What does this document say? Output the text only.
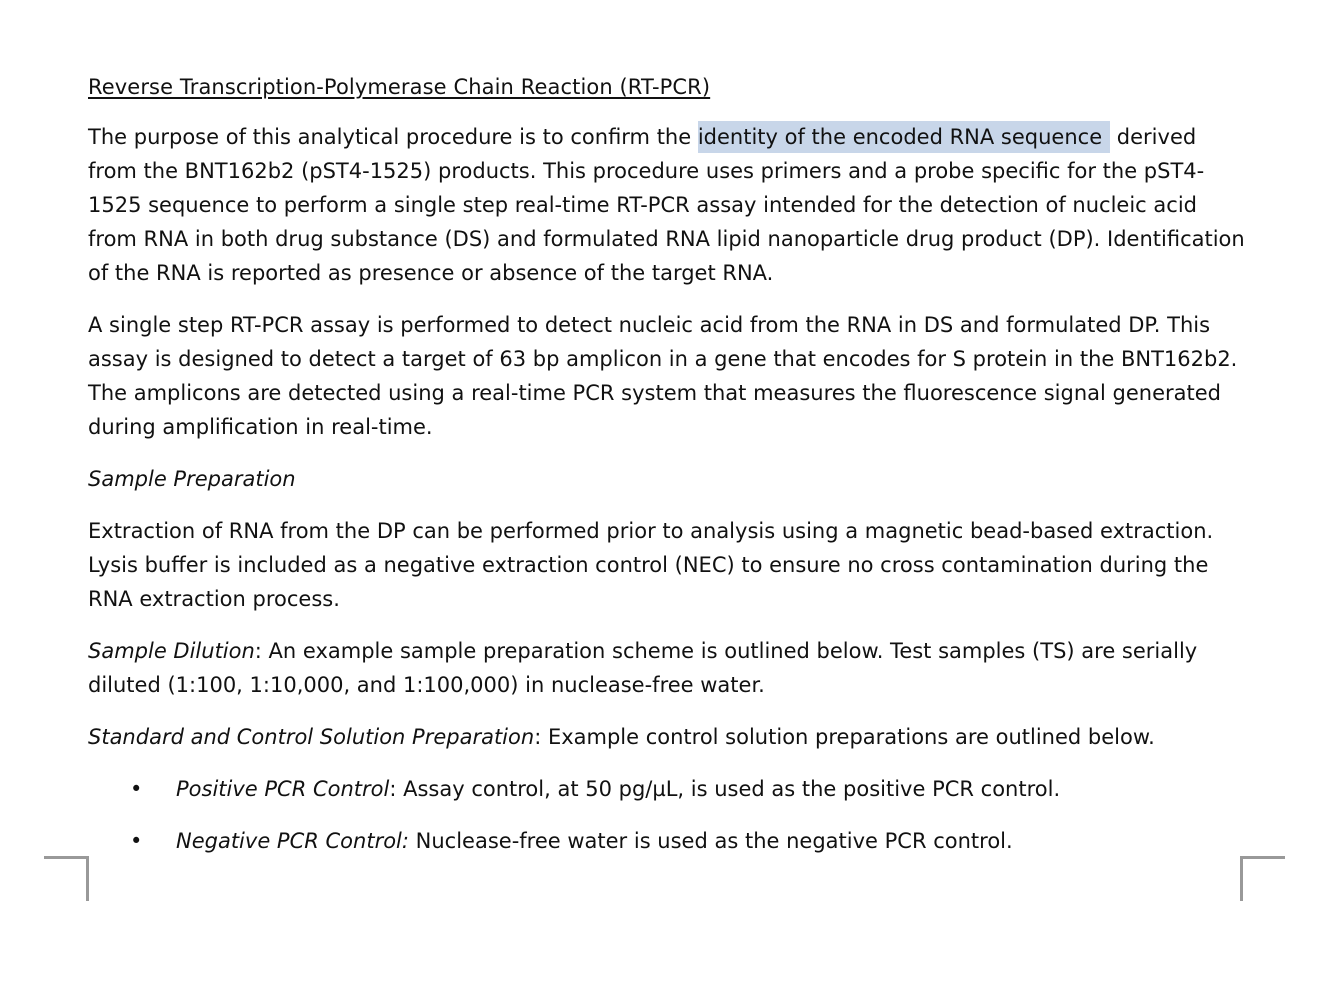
Reverse Transcription-Polymerase Chain Reaction (RT-PCR)

The purpose of this analytical procedure is to confirm the identity of the encoded RNA sequence derived from the BNT162b2 (pST4-1525) products. This procedure uses primers and a probe specific for the pST4-1525 sequence to perform a single step real-time RT-PCR assay intended for the detection of nucleic acid from RNA in both drug substance (DS) and formulated RNA lipid nanoparticle drug product (DP). Identification of the RNA is reported as presence or absence of the target RNA.

A single step RT-PCR assay is performed to detect nucleic acid from the RNA in DS and formulated DP. This assay is designed to detect a target of 63 bp amplicon in a gene that encodes for S protein in the BNT162b2. The amplicons are detected using a real-time PCR system that measures the fluorescence signal generated during amplification in real-time.

Sample Preparation

Extraction of RNA from the DP can be performed prior to analysis using a magnetic bead-based extraction. Lysis buffer is included as a negative extraction control (NEC) to ensure no cross contamination during the RNA extraction process.

Sample Dilution: An example sample preparation scheme is outlined below. Test samples (TS) are serially diluted (1:100, 1:10,000, and 1:100,000) in nuclease-free water.

Standard and Control Solution Preparation: Example control solution preparations are outlined below.

• Positive PCR Control: Assay control, at 50 pg/µL, is used as the positive PCR control.
• Negative PCR Control: Nuclease-free water is used as the negative PCR control.
